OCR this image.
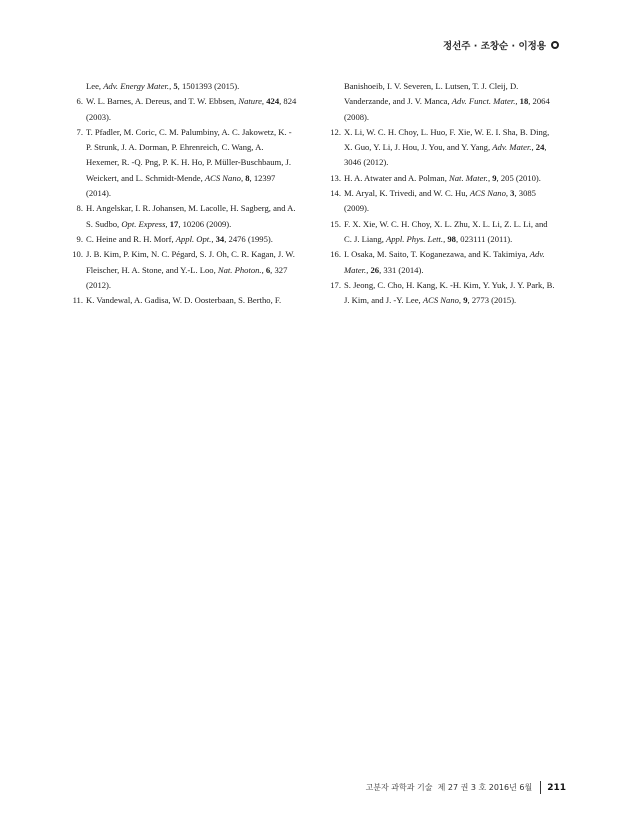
정선주 · 조창순 · 이정용

Lee, Adv. Energy Mater., 5, 1501393 (2015).

6. W. L. Barnes, A. Dereus, and T. W. Ebbsen, Nature, 424, 824 (2003).

7. T. Pfadler, M. Coric, C. M. Palumbiny, A. C. Jakowetz, K. -P. Strunk, J. A. Dorman, P. Ehrenreich, C. Wang, A. Hexemer, R. -Q. Png, P. K. H. Ho, P. Müller-Buschbaum, J. Weickert, and L. Schmidt-Mende, ACS Nano, 8, 12397 (2014).

8. H. Angelskar, I. R. Johansen, M. Lacolle, H. Sagberg, and A. S. Sudbo, Opt. Express, 17, 10206 (2009).

9. C. Heine and R. H. Morf, Appl. Opt., 34, 2476 (1995).

10. J. B. Kim, P. Kim, N. C. Pégard, S. J. Oh, C. R. Kagan, J. W. Fleischer, H. A. Stone, and Y.-L. Loo, Nat. Photon., 6, 327 (2012).

11. K. Vandewal, A. Gadisa, W. D. Oosterbaan, S. Bertho, F.

Banishoeib, I. V. Severen, L. Lutsen, T. J. Cleij, D. Vanderzande, and J. V. Manca, Adv. Funct. Mater., 18, 2064 (2008).

12. X. Li, W. C. H. Choy, L. Huo, F. Xie, W. E. I. Sha, B. Ding, X. Guo, Y. Li, J. Hou, J. You, and Y. Yang, Adv. Mater., 24, 3046 (2012).

13. H. A. Atwater and A. Polman, Nat. Mater., 9, 205 (2010).

14. M. Aryal, K. Trivedi, and W. C. Hu, ACS Nano, 3, 3085 (2009).

15. F. X. Xie, W. C. H. Choy, X. L. Zhu, X. L. Li, Z. L. Li, and C. J. Liang, Appl. Phys. Lett., 98, 023111 (2011).

16. I. Osaka, M. Saito, T. Koganezawa, and K. Takimiya, Adv. Mater., 26, 331 (2014).

17. S. Jeong, C. Cho, H. Kang, K. -H. Kim, Y. Yuk, J. Y. Park, B. J. Kim, and J. -Y. Lee, ACS Nano, 9, 2773 (2015).

고분자 과학과 기술
제 27 권 3 호 2016년 6월 211
